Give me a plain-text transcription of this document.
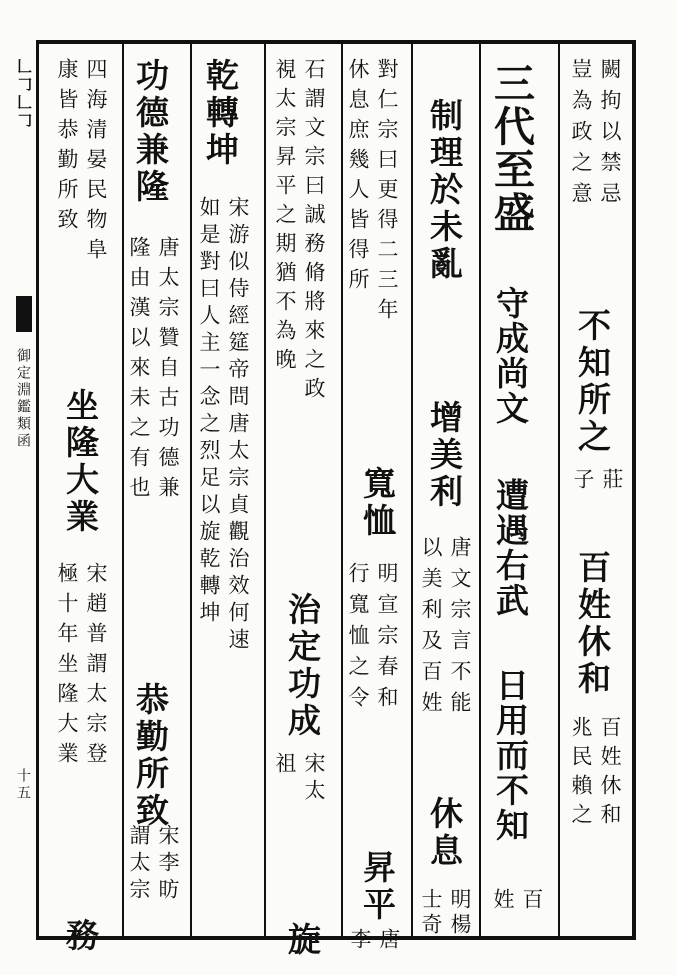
𠃊𠃌𠃊𠃌
御定淵鑑類函
十五
闕拘以禁忌
豈為政之意
不知所之
莊
子
百姓休和
百姓休和
兆民賴之
三代至盛
守成尚文
遭遇右武
日用而不知
百
姓
制理於未亂
增美利
唐文宗言不能
以美利及百姓
休息
明楊
士奇
對仁宗曰更得二三年
休息庶幾人皆得所
寬恤
明宣宗春和
行寬恤之令
昇平
唐
李
石謂文宗曰誠務脩將來之政
視太宗昇平之期猶不為晚
治定功成
宋太
祖
旋
乾轉坤
宋游似侍經筵帝問唐太宗貞觀治效何速
如是對曰人主一念之烈足以旋乾轉坤
功德兼隆
唐太宗贊自古功德兼
隆由漢以來未之有也
恭勤所致
宋李昉
謂太宗
四海清晏民物阜
康皆恭勤所致
坐隆大業
宋趙普謂太宗登
極十年坐隆大業
務
